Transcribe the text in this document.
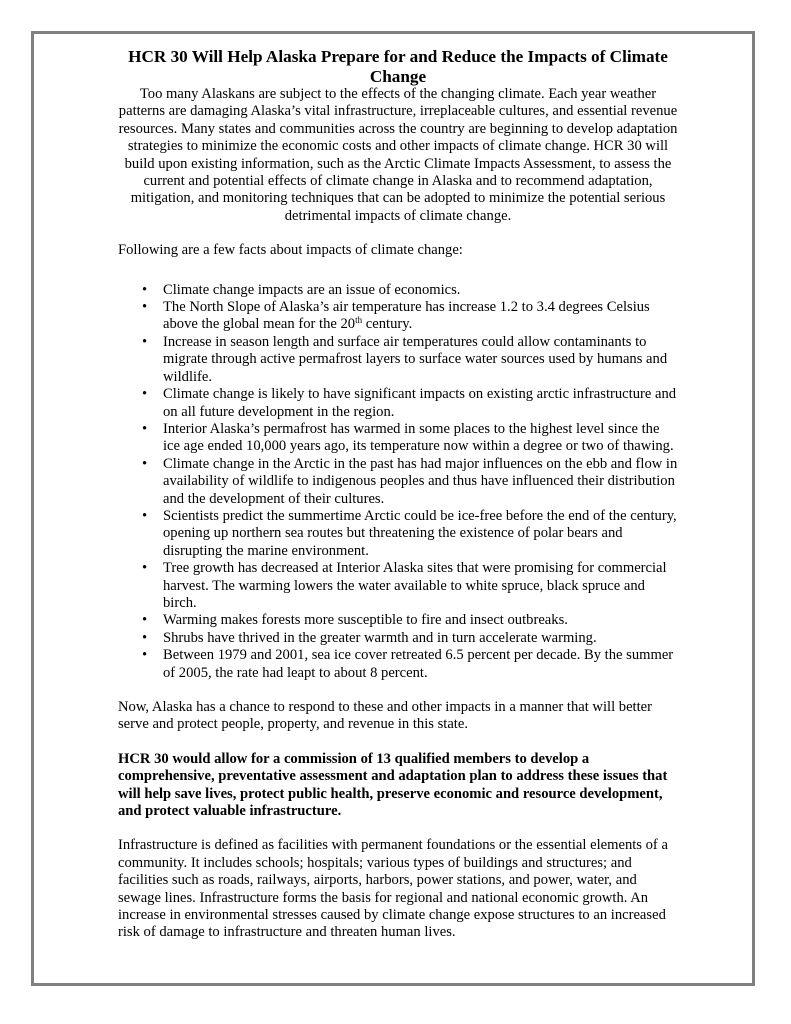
HCR 30 Will Help Alaska Prepare for and Reduce the Impacts of Climate Change

Too many Alaskans are subject to the effects of the changing climate. Each year weather patterns are damaging Alaska’s vital infrastructure, irreplaceable cultures, and essential revenue resources. Many states and communities across the country are beginning to develop adaptation strategies to minimize the economic costs and other impacts of climate change. HCR 30 will build upon existing information, such as the Arctic Climate Impacts Assessment, to assess the current and potential effects of climate change in Alaska and to recommend adaptation, mitigation, and monitoring techniques that can be adopted to minimize the potential serious detrimental impacts of climate change.

Following are a few facts about impacts of climate change:

• Climate change impacts are an issue of economics.
• The North Slope of Alaska’s air temperature has increase 1.2 to 3.4 degrees Celsius above the global mean for the 20th century.
• Increase in season length and surface air temperatures could allow contaminants to migrate through active permafrost layers to surface water sources used by humans and wildlife.
• Climate change is likely to have significant impacts on existing arctic infrastructure and on all future development in the region.
• Interior Alaska’s permafrost has warmed in some places to the highest level since the ice age ended 10,000 years ago, its temperature now within a degree or two of thawing.
• Climate change in the Arctic in the past has had major influences on the ebb and flow in availability of wildlife to indigenous peoples and thus have influenced their distribution and the development of their cultures.
• Scientists predict the summertime Arctic could be ice-free before the end of the century, opening up northern sea routes but threatening the existence of polar bears and disrupting the marine environment.
• Tree growth has decreased at Interior Alaska sites that were promising for commercial harvest. The warming lowers the water available to white spruce, black spruce and birch.
• Warming makes forests more susceptible to fire and insect outbreaks.
• Shrubs have thrived in the greater warmth and in turn accelerate warming.
• Between 1979 and 2001, sea ice cover retreated 6.5 percent per decade. By the summer of 2005, the rate had leapt to about 8 percent.

Now, Alaska has a chance to respond to these and other impacts in a manner that will better serve and protect people, property, and revenue in this state.

HCR 30 would allow for a commission of 13 qualified members to develop a comprehensive, preventative assessment and adaptation plan to address these issues that will help save lives, protect public health, preserve economic and resource development, and protect valuable infrastructure.

Infrastructure is defined as facilities with permanent foundations or the essential elements of a community. It includes schools; hospitals; various types of buildings and structures; and facilities such as roads, railways, airports, harbors, power stations, and power, water, and sewage lines. Infrastructure forms the basis for regional and national economic growth. An increase in environmental stresses caused by climate change expose structures to an increased risk of damage to infrastructure and threaten human lives.
